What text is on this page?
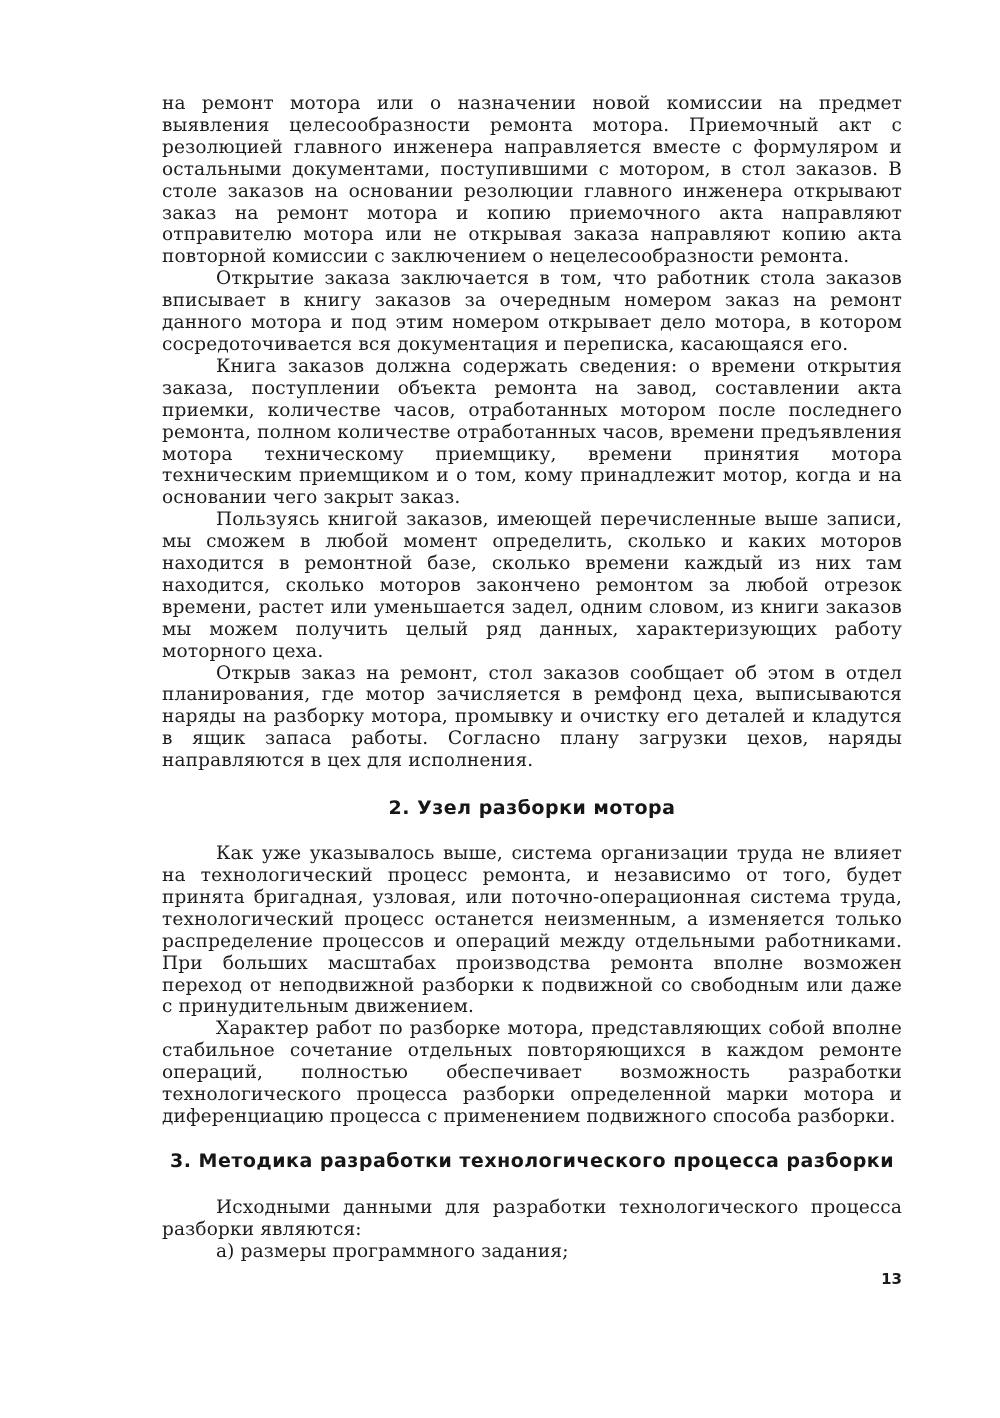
на ремонт мотора или о назначении новой комиссии на предмет выявления целесообразности ремонта мотора. Приемочный акт с резолюцией главного инженера направляется вместе с формуляром и остальными документами, поступившими с мотором, в стол заказов. В столе заказов на основании резолюции главного инженера открывают заказ на ремонт мотора и копию приемочного акта направляют отправителю мотора или не открывая заказа направляют копию акта повторной комиссии с заключением о нецелесообразности ремонта.

Открытие заказа заключается в том, что работник стола заказов вписывает в книгу заказов за очередным номером заказ на ремонт данного мотора и под этим номером открывает дело мотора, в котором сосредоточивается вся документация и переписка, касающаяся его.

Книга заказов должна содержать сведения: о времени открытия заказа, поступлении объекта ремонта на завод, составлении акта приемки, количестве часов, отработанных мотором после последнего ремонта, полном количестве отработанных часов, времени предъявления мотора техническому приемщику, времени принятия мотора техническим приемщиком и о том, кому принадлежит мотор, когда и на основании чего закрыт заказ.

Пользуясь книгой заказов, имеющей перечисленные выше записи, мы сможем в любой момент определить, сколько и каких моторов находится в ремонтной базе, сколько времени каждый из них там находится, сколько моторов закончено ремонтом за любой отрезок времени, растет или уменьшается задел, одним словом, из книги заказов мы можем получить целый ряд данных, характеризующих работу моторного цеха.

Открыв заказ на ремонт, стол заказов сообщает об этом в отдел планирования, где мотор зачисляется в ремфонд цеха, выписываются наряды на разборку мотора, промывку и очистку его деталей и кладутся в ящик запаса работы. Согласно плану загрузки цехов, наряды направляются в цех для исполнения.

2. Узел разборки мотора

Как уже указывалось выше, система организации труда не влияет на технологический процесс ремонта, и независимо от того, будет принята бригадная, узловая, или поточно-операционная система труда, технологический процесс останется неизменным, а изменяется только распределение процессов и операций между отдельными работниками. При больших масштабах производства ремонта вполне возможен переход от неподвижной разборки к подвижной со свободным или даже с принудительным движением.

Характер работ по разборке мотора, представляющих собой вполне стабильное сочетание отдельных повторяющихся в каждом ремонте операций, полностью обеспечивает возможность разработки технологического процесса разборки определенной марки мотора и диференциацию процесса с применением подвижного способа разборки.

3. Методика разработки технологического процесса разборки

Исходными данными для разработки технологического процесса разборки являются:

а) размеры программного задания;

13
